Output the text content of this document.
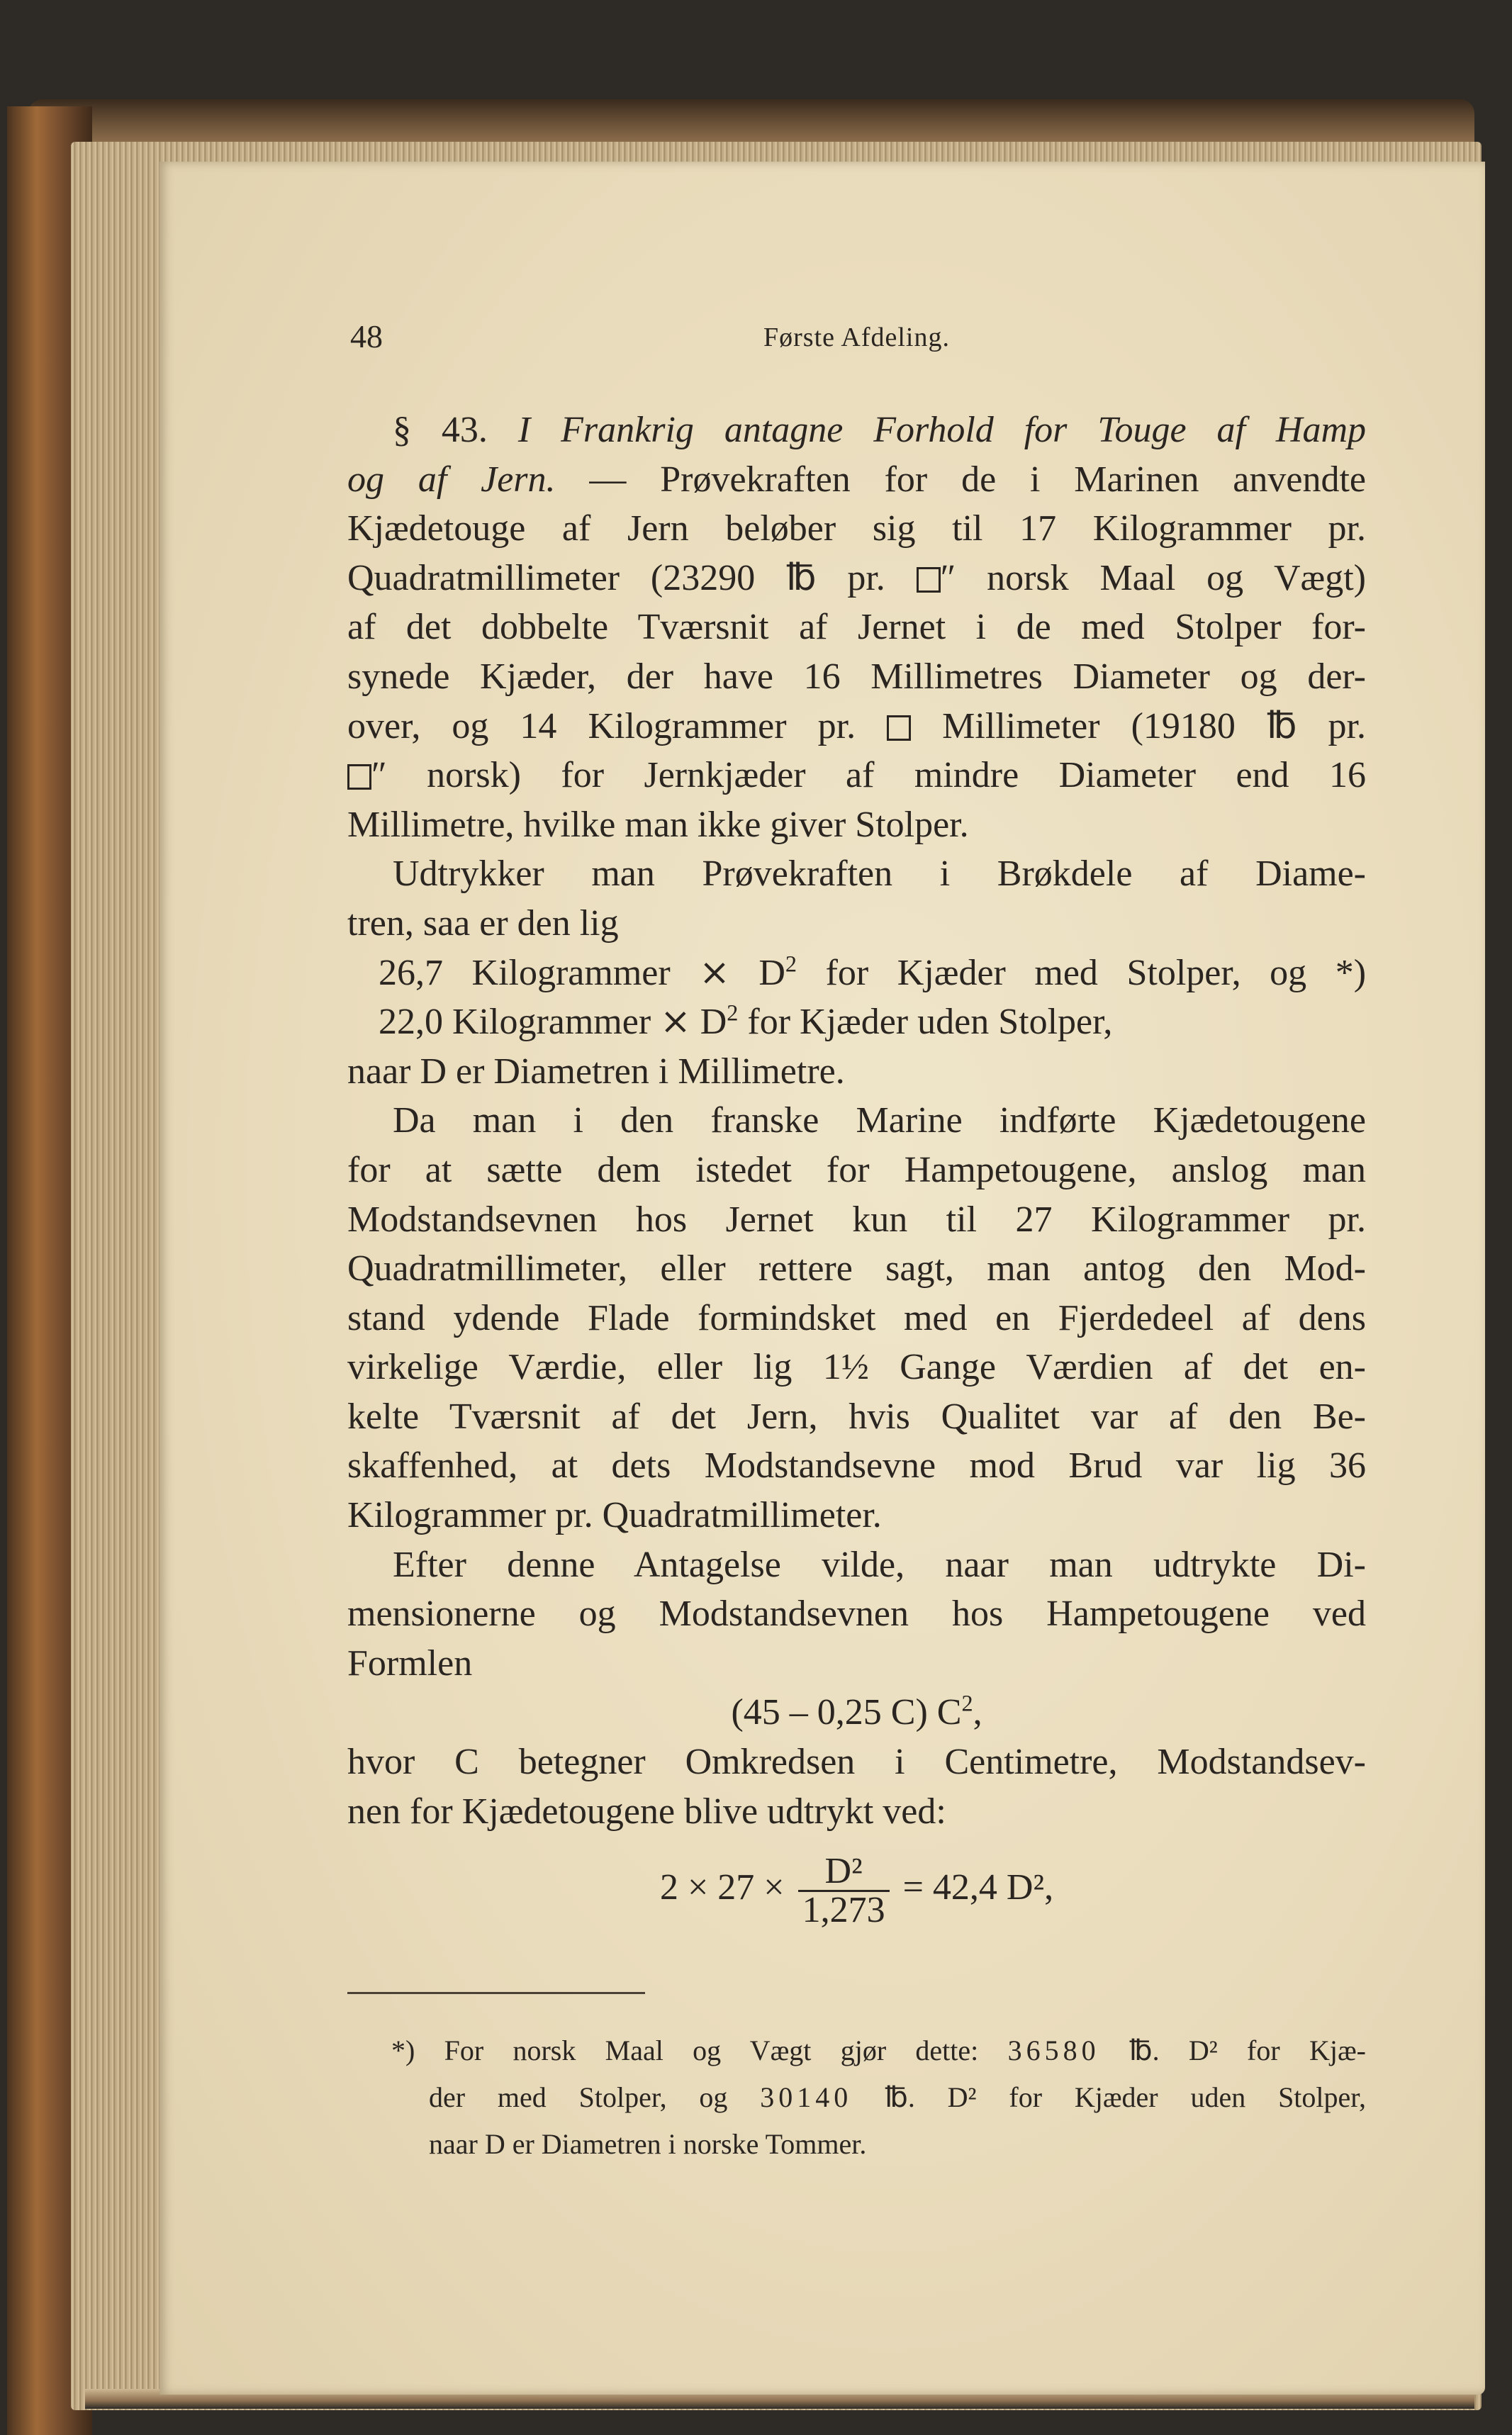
48	Første Afdeling.
§ 43. I Frankrig antagne Forhold for Touge af Hamp
og af Jern. — Prøvekraften for de i Marinen anvendte
Kjædetouge af Jern beløber sig til 17 Kilogrammer pr.
Quadratmillimeter (23290 ℔ pr. ″ norsk Maal og Vægt)
af det dobbelte Tværsnit af Jernet i de med Stolper for-
synede Kjæder, der have 16 Millimetres Diameter og der-
over, og 14 Kilogrammer pr. Millimeter (19180 ℔ pr.
″ norsk) for Jernkjæder af mindre Diameter end 16
Millimetre, hvilke man ikke giver Stolper.
Udtrykker man Prøvekraften i Brøkdele af Diame-
tren, saa er den lig
26,7 Kilogrammer ⨯ $D^2$ for Kjæder med Stolper, og *)
22,0 Kilogrammer ⨯ $D^2$ for Kjæder uden Stolper,
naar D er Diametren i Millimetre.
Da man i den franske Marine indførte Kjædetougene
for at sætte dem istedet for Hampetougene, anslog man
Modstandsevnen hos Jernet kun til 27 Kilogrammer pr.
Quadratmillimeter, eller rettere sagt, man antog den Mod-
stand ydende Flade formindsket med en Fjerdedeel af dens
virkelige Værdie, eller lig 1½ Gange Værdien af det en-
kelte Tværsnit af det Jern, hvis Qualitet var af den Be-
skaffenhed, at dets Modstandsevne mod Brud var lig 36
Kilogrammer pr. Quadratmillimeter.
Efter denne Antagelse vilde, naar man udtrykte Di-
mensionerne og Modstandsevnen hos Hampetougene ved
Formlen
(45 – 0,25 C) $C^2$,
hvor C betegner Omkredsen i Centimetre, Modstandsev-
nen for Kjædetougene blive udtrykt ved:
$2 \times 27 \times \frac{\text{D²}}{1,273} = 42,4$ D²,
*) For norsk Maal og Vægt gjør dette: 36580 ℔. D² for Kjæ-
der med Stolper, og 30140 ℔. D² for Kjæder uden Stolper,
naar D er Diametren i norske Tommer.
